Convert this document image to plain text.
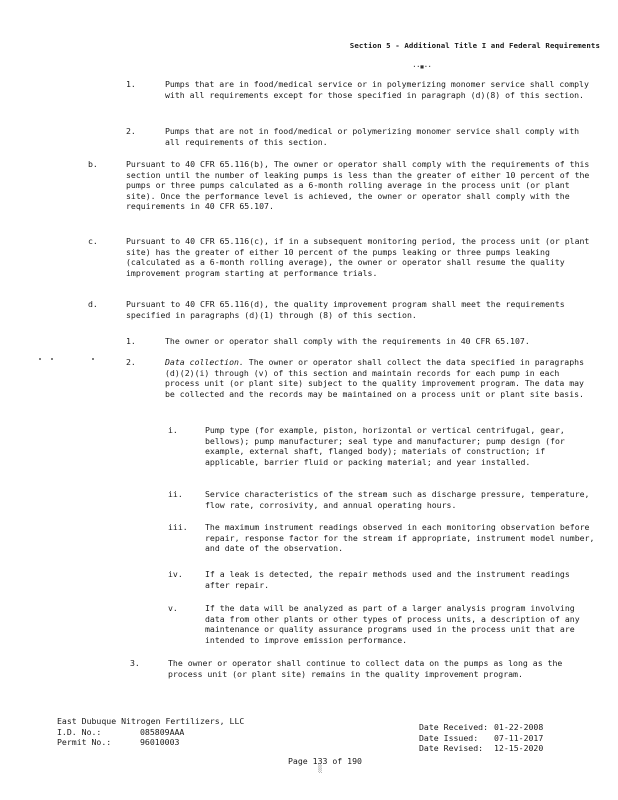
Section 5 - Additional Title I and Federal Requirements
··▪··
1.	Pumps that are in food/medical service or in polymerizing monomer service shall comply with all requirements except for those specified in paragraph (d)(8) of this section.
2.	Pumps that are not in food/medical or polymerizing monomer service shall comply with all requirements of this section.
b.	Pursuant to 40 CFR 65.116(b), The owner or operator shall comply with the requirements of this section until the number of leaking pumps is less than the greater of either 10 percent of the pumps or three pumps calculated as a 6-month rolling average in the process unit (or plant site). Once the performance level is achieved, the owner or operator shall comply with the requirements in 40 CFR 65.107.
c.	Pursuant to 40 CFR 65.116(c), if in a subsequent monitoring period, the process unit (or plant site) has the greater of either 10 percent of the pumps leaking or three pumps leaking (calculated as a 6-month rolling average), the owner or operator shall resume the quality improvement program starting at performance trials.
d.	Pursuant to 40 CFR 65.116(d), the quality improvement program shall meet the requirements specified in paragraphs (d)(1) through (8) of this section.
1.	The owner or operator shall comply with the requirements in 40 CFR 65.107.
2.	Data collection. The owner or operator shall collect the data specified in paragraphs (d)(2)(i) through (v) of this section and maintain records for each pump in each process unit (or plant site) subject to the quality improvement program. The data may be collected and the records may be maintained on a process unit or plant site basis.
i.	Pump type (for example, piston, horizontal or vertical centrifugal, gear, bellows); pump manufacturer; seal type and manufacturer; pump design (for example, external shaft, flanged body); materials of construction; if applicable, barrier fluid or packing material; and year installed.
ii.	Service characteristics of the stream such as discharge pressure, temperature, flow rate, corrosivity, and annual operating hours.
iii. The maximum instrument readings observed in each monitoring observation before repair, response factor for the stream if appropriate, instrument model number, and date of the observation.
iv.	If a leak is detected, the repair methods used and the instrument readings after repair.
v.	If the data will be analyzed as part of a larger analysis program involving data from other plants or other types of process units, a description of any maintenance or quality assurance programs used in the process unit that are intended to improve emission performance.
3.	The owner or operator shall continue to collect data on the pumps as long as the process unit (or plant site) remains in the quality improvement program.
East Dubuque Nitrogen Fertilizers, LLC
I.D. No.:	085809AAA
Permit No.:	96010003
Date Received: 01-22-2008
Date Issued: 07-11-2017
Date Revised: 12-15-2020
Page 133 of 190
░
